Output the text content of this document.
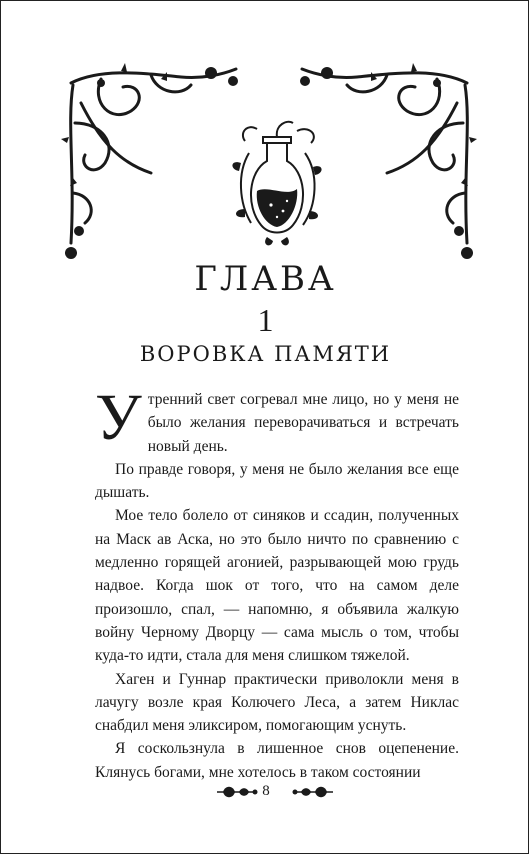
ГЛАВА
1
ВОРОВКА ПАМЯТИ

Утренний свет согревал мне лицо, но у меня не было желания переворачиваться и встречать новый день.

По правде говоря, у меня не было желания все еще дышать.

Мое тело болело от синяков и ссадин, полученных на Маск ав Аска, но это было ничто по сравнению с медленно горящей агонией, разрывающей мою грудь надвое. Когда шок от того, что на самом деле произошло, спал, — напомню, я объявила жалкую войну Черному Дворцу — сама мысль о том, чтобы куда-то идти, стала для меня слишком тяжелой.

Хаген и Гуннар практически приволокли меня в лачугу возле края Колючего Леса, а затем Никлас снабдил меня эликсиром, помогающим уснуть.

Я соскользнула в лишенное снов оцепенение. Клянусь богами, мне хотелось в таком состоянии

8
